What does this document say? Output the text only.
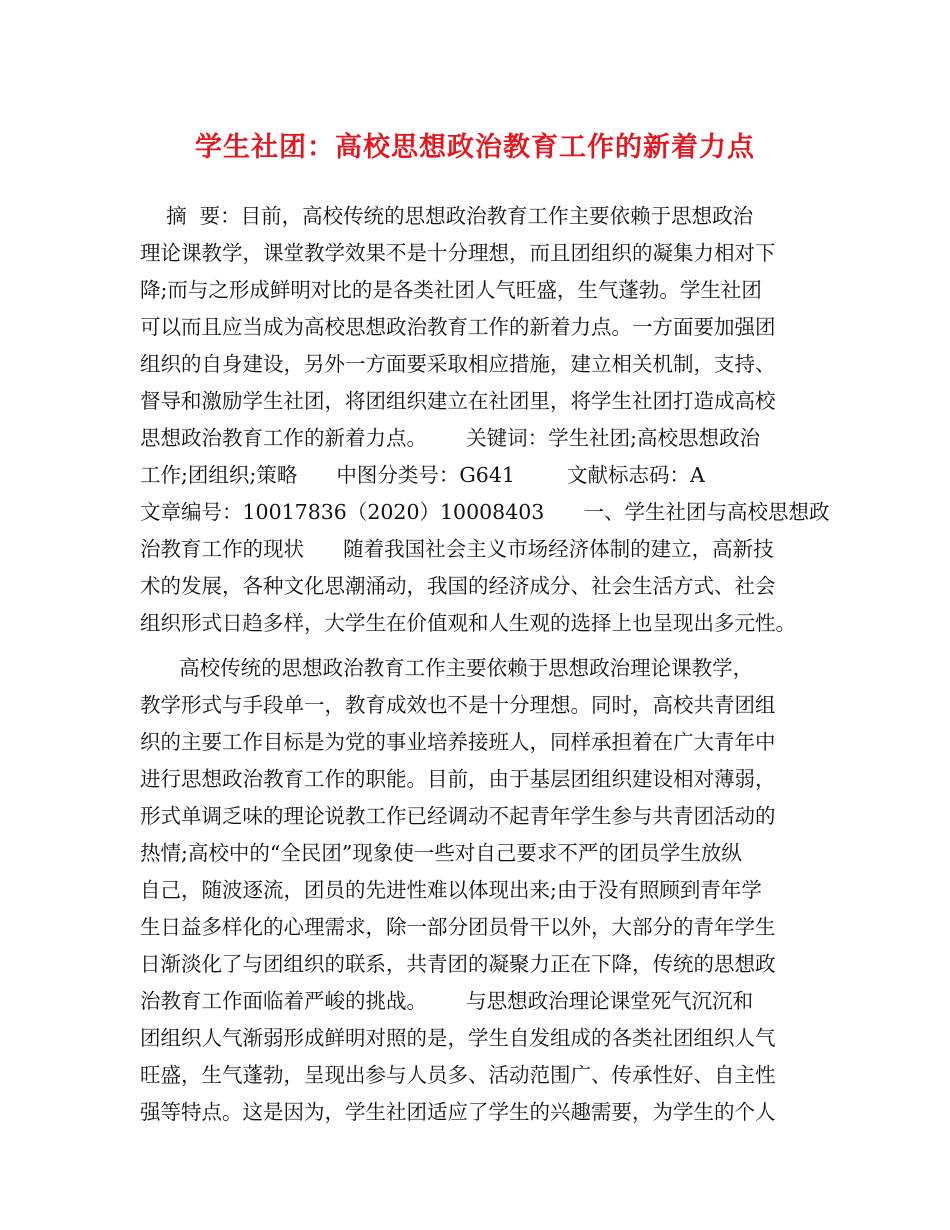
学生社团：高校思想政治教育工作的新着力点
摘  要：目前，高校传统的思想政治教育工作主要依赖于思想政治
理论课教学，课堂教学效果不是十分理想，而且团组织的凝集力相对下
降;而与之形成鲜明对比的是各类社团人气旺盛，生气蓬勃。学生社团
可以而且应当成为高校思想政治教育工作的新着力点。一方面要加强团
组织的自身建设，另外一方面要采取相应措施，建立相关机制，支持、
督导和激励学生社团，将团组织建立在社团里，将学生社团打造成高校
思想政治教育工作的新着力点。      关键词：学生社团;高校思想政治
工作;团组织;策略      中图分类号：G641        文献标志码：A
文章编号：10017836（2020）10008403      一、学生社团与高校思想政
治教育工作的现状      随着我国社会主义市场经济体制的建立，高新技
术的发展，各种文化思潮涌动，我国的经济成分、社会生活方式、社会
组织形式日趋多样，大学生在价值观和人生观的选择上也呈现出多元性。
高校传统的思想政治教育工作主要依赖于思想政治理论课教学，
教学形式与手段单一，教育成效也不是十分理想。同时，高校共青团组
织的主要工作目标是为党的事业培养接班人，同样承担着在广大青年中
进行思想政治教育工作的职能。目前，由于基层团组织建设相对薄弱，
形式单调乏味的理论说教工作已经调动不起青年学生参与共青团活动的
热情;高校中的“全民团”现象使一些对自己要求不严的团员学生放纵
自己，随波逐流，团员的先进性难以体现出来;由于没有照顾到青年学
生日益多样化的心理需求，除一部分团员骨干以外，大部分的青年学生
日渐淡化了与团组织的联系，共青团的凝聚力正在下降，传统的思想政
治教育工作面临着严峻的挑战。      与思想政治理论课堂死气沉沉和
团组织人气渐弱形成鲜明对照的是，学生自发组成的各类社团组织人气
旺盛，生气蓬勃，呈现出参与人员多、活动范围广、传承性好、自主性
强等特点。这是因为，学生社团适应了学生的兴趣需要，为学生的个人
